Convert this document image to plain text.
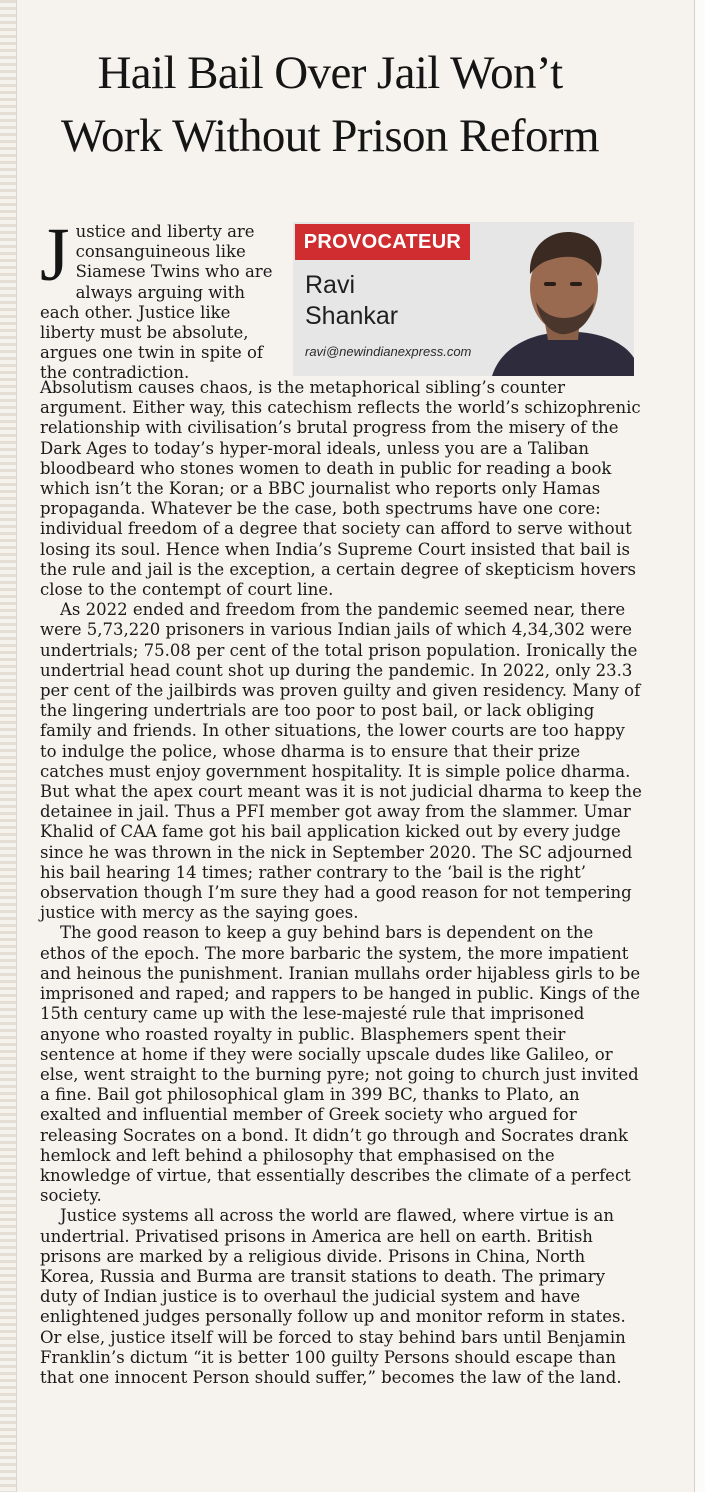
Hail Bail Over Jail Won’t
Work Without Prison Reform

Justice and liberty are consanguineous like Siamese Twins who are always arguing with each other. Justice like liberty must be absolute, argues one twin in spite of the contradiction.

PROVOCATEUR
Ravi
Shankar
ravi@newindianexpress.com

Absolutism causes chaos, is the metaphorical sibling’s counter argument. Either way, this catechism reflects the world’s schizophrenic relationship with civilisation’s brutal progress from the misery of the Dark Ages to today’s hyper-moral ideals, unless you are a Taliban bloodbeard who stones women to death in public for reading a book which isn’t the Koran; or a BBC journalist who reports only Hamas propaganda. Whatever be the case, both spectrums have one core: individual freedom of a degree that society can afford to serve without losing its soul. Hence when India’s Supreme Court insisted that bail is the rule and jail is the exception, a certain degree of skepticism hovers close to the contempt of court line.

As 2022 ended and freedom from the pandemic seemed near, there were 5,73,220 prisoners in various Indian jails of which 4,34,302 were undertrials; 75.08 per cent of the total prison population. Ironically the undertrial head count shot up during the pandemic. In 2022, only 23.3 per cent of the jailbirds was proven guilty and given residency. Many of the lingering undertrials are too poor to post bail, or lack obliging family and friends. In other situations, the lower courts are too happy to indulge the police, whose dharma is to ensure that their prize catches must enjoy government hospitality. It is simple police dharma. But what the apex court meant was it is not judicial dharma to keep the detainee in jail. Thus a PFI member got away from the slammer. Umar Khalid of CAA fame got his bail application kicked out by every judge since he was thrown in the nick in September 2020. The SC adjourned his bail hearing 14 times; rather contrary to the ‘bail is the right’ observation though I’m sure they had a good reason for not tempering justice with mercy as the saying goes.

The good reason to keep a guy behind bars is dependent on the ethos of the epoch. The more barbaric the system, the more impatient and heinous the punishment. Iranian mullahs order hijabless girls to be imprisoned and raped; and rappers to be hanged in public. Kings of the 15th century came up with the lese-majesté rule that imprisoned anyone who roasted royalty in public. Blasphemers spent their sentence at home if they were socially upscale dudes like Galileo, or else, went straight to the burning pyre; not going to church just invited a fine. Bail got philosophical glam in 399 BC, thanks to Plato, an exalted and influential member of Greek society who argued for releasing Socrates on a bond. It didn’t go through and Socrates drank hemlock and left behind a philosophy that emphasised on the knowledge of virtue, that essentially describes the climate of a perfect society.

Justice systems all across the world are flawed, where virtue is an undertrial. Privatised prisons in America are hell on earth. British prisons are marked by a religious divide. Prisons in China, North Korea, Russia and Burma are transit stations to death. The primary duty of Indian justice is to overhaul the judicial system and have enlightened judges personally follow up and monitor reform in states. Or else, justice itself will be forced to stay behind bars until Benjamin Franklin’s dictum “it is better 100 guilty Persons should escape than that one innocent Person should suffer,” becomes the law of the land.
